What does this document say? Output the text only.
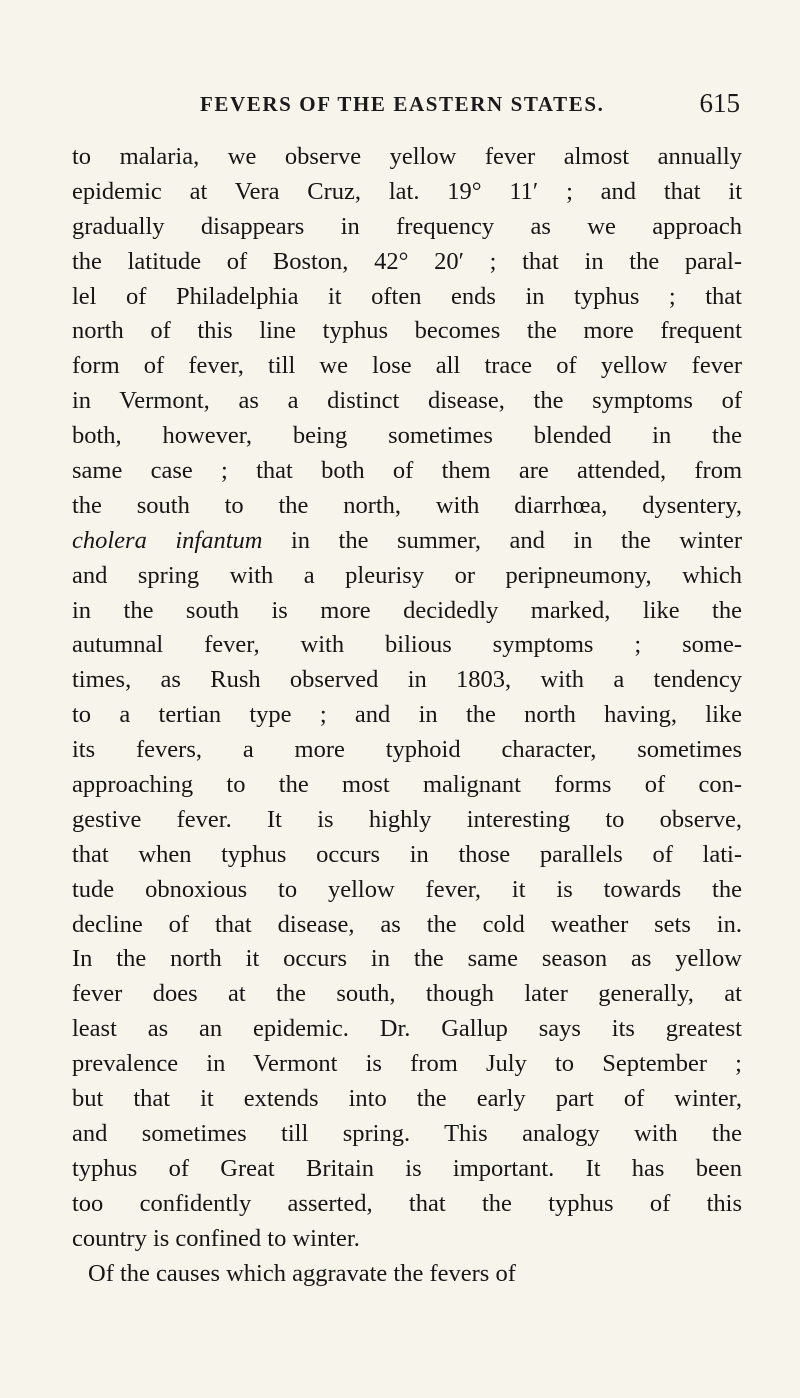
FEVERS OF THE EASTERN STATES.	615
to malaria, we observe yellow fever almost annually
epidemic at Vera Cruz, lat. 19° 11′ ; and that it
gradually disappears in frequency as we approach
the latitude of Boston, 42° 20′ ; that in the paral-
lel of Philadelphia it often ends in typhus ; that
north of this line typhus becomes the more frequent
form of fever, till we lose all trace of yellow fever
in Vermont, as a distinct disease, the symptoms of
both, however, being sometimes blended in the
same case ; that both of them are attended, from
the south to the north, with diarrhœa, dysentery,
cholera infantum in the summer, and in the winter
and spring with a pleurisy or peripneumony, which
in the south is more decidedly marked, like the
autumnal fever, with bilious symptoms ; some-
times, as Rush observed in 1803, with a tendency
to a tertian type ; and in the north having, like
its fevers, a more typhoid character, sometimes
approaching to the most malignant forms of con-
gestive fever. It is highly interesting to observe,
that when typhus occurs in those parallels of lati-
tude obnoxious to yellow fever, it is towards the
decline of that disease, as the cold weather sets in.
In the north it occurs in the same season as yellow
fever does at the south, though later generally, at
least as an epidemic. Dr. Gallup says its greatest
prevalence in Vermont is from July to September ;
but that it extends into the early part of winter,
and sometimes till spring. This analogy with the
typhus of Great Britain is important. It has been
too confidently asserted, that the typhus of this
country is confined to winter.
Of the causes which aggravate the fevers of
